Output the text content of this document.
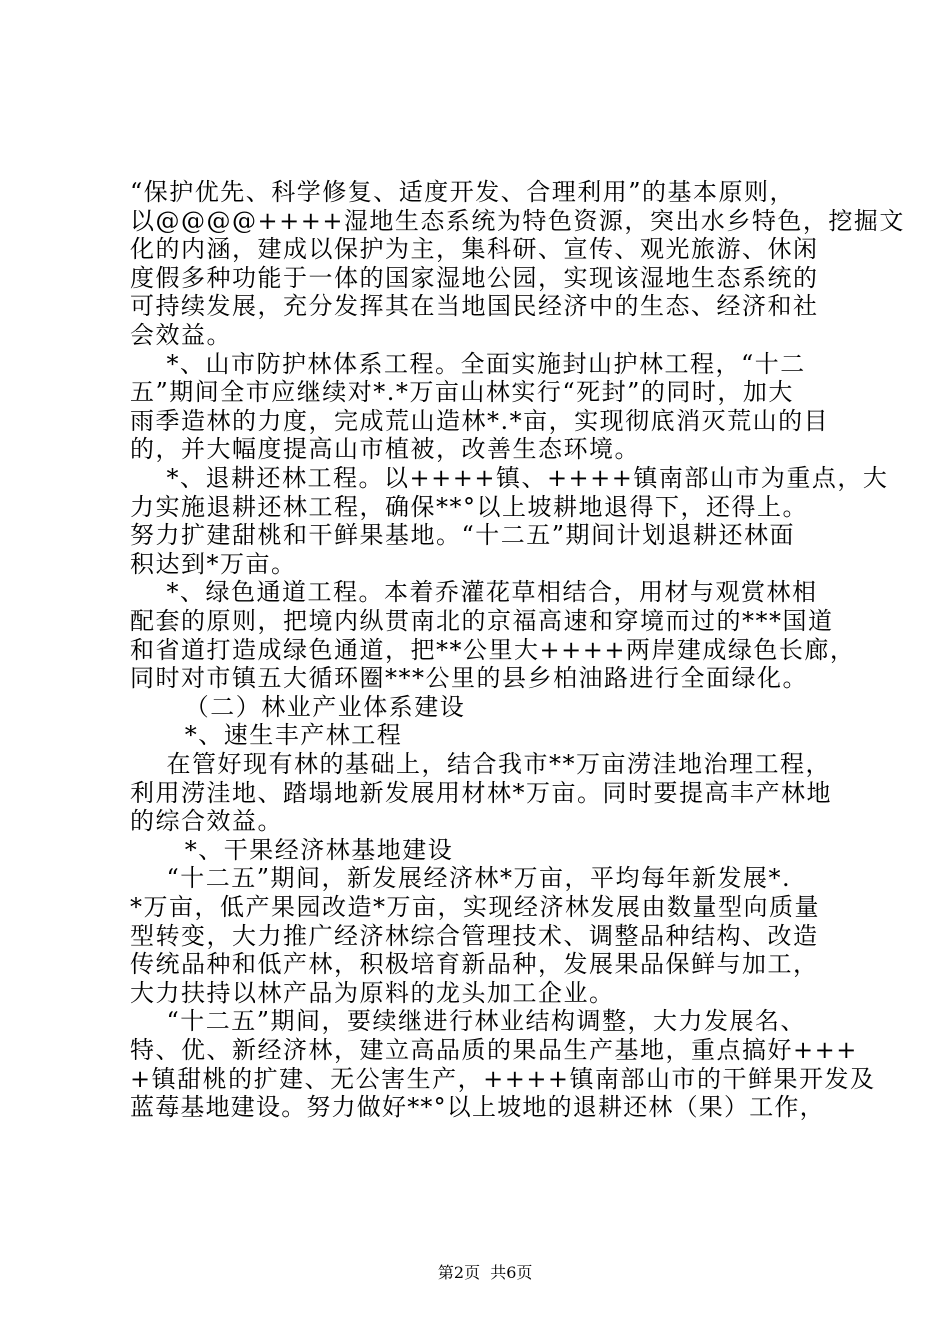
“保护优先、科学修复、适度开发、合理利用”的基本原则，
以@@@@++++湿地生态系统为特色资源，突出水乡特色，挖掘文
化的内涵，建成以保护为主，集科研、宣传、观光旅游、休闲
度假多种功能于一体的国家湿地公园，实现该湿地生态系统的
可持续发展，充分发挥其在当地国民经济中的生态、经济和社
会效益。
*、山市防护林体系工程。全面实施封山护林工程，“十二
五”期间全市应继续对*.*万亩山林实行“死封”的同时，加大
雨季造林的力度，完成荒山造林*.*亩，实现彻底消灭荒山的目
的，并大幅度提高山市植被，改善生态环境。
*、退耕还林工程。以++++镇、++++镇南部山市为重点，大
力实施退耕还林工程，确保**°以上坡耕地退得下，还得上。
努力扩建甜桃和干鲜果基地。“十二五”期间计划退耕还林面
积达到*万亩。
*、绿色通道工程。本着乔灌花草相结合，用材与观赏林相
配套的原则，把境内纵贯南北的京福高速和穿境而过的***国道
和省道打造成绿色通道，把**公里大++++两岸建成绿色长廊，
同时对市镇五大循环圈***公里的县乡柏油路进行全面绿化。
（二）林业产业体系建设
*、速生丰产林工程
在管好现有林的基础上，结合我市**万亩涝洼地治理工程，
利用涝洼地、踏塌地新发展用材林*万亩。同时要提高丰产林地
的综合效益。
*、干果经济林基地建设
“十二五”期间，新发展经济林*万亩，平均每年新发展*.
*万亩，低产果园改造*万亩，实现经济林发展由数量型向质量
型转变，大力推广经济林综合管理技术、调整品种结构、改造
传统品种和低产林，积极培育新品种，发展果品保鲜与加工，
大力扶持以林产品为原料的龙头加工企业。
“十二五”期间，要续继进行林业结构调整，大力发展名、
特、优、新经济林，建立高品质的果品生产基地，重点搞好+++
+镇甜桃的扩建、无公害生产，++++镇南部山市的干鲜果开发及
蓝莓基地建设。努力做好**°以上坡地的退耕还林（果）工作，

第2页  共6页
